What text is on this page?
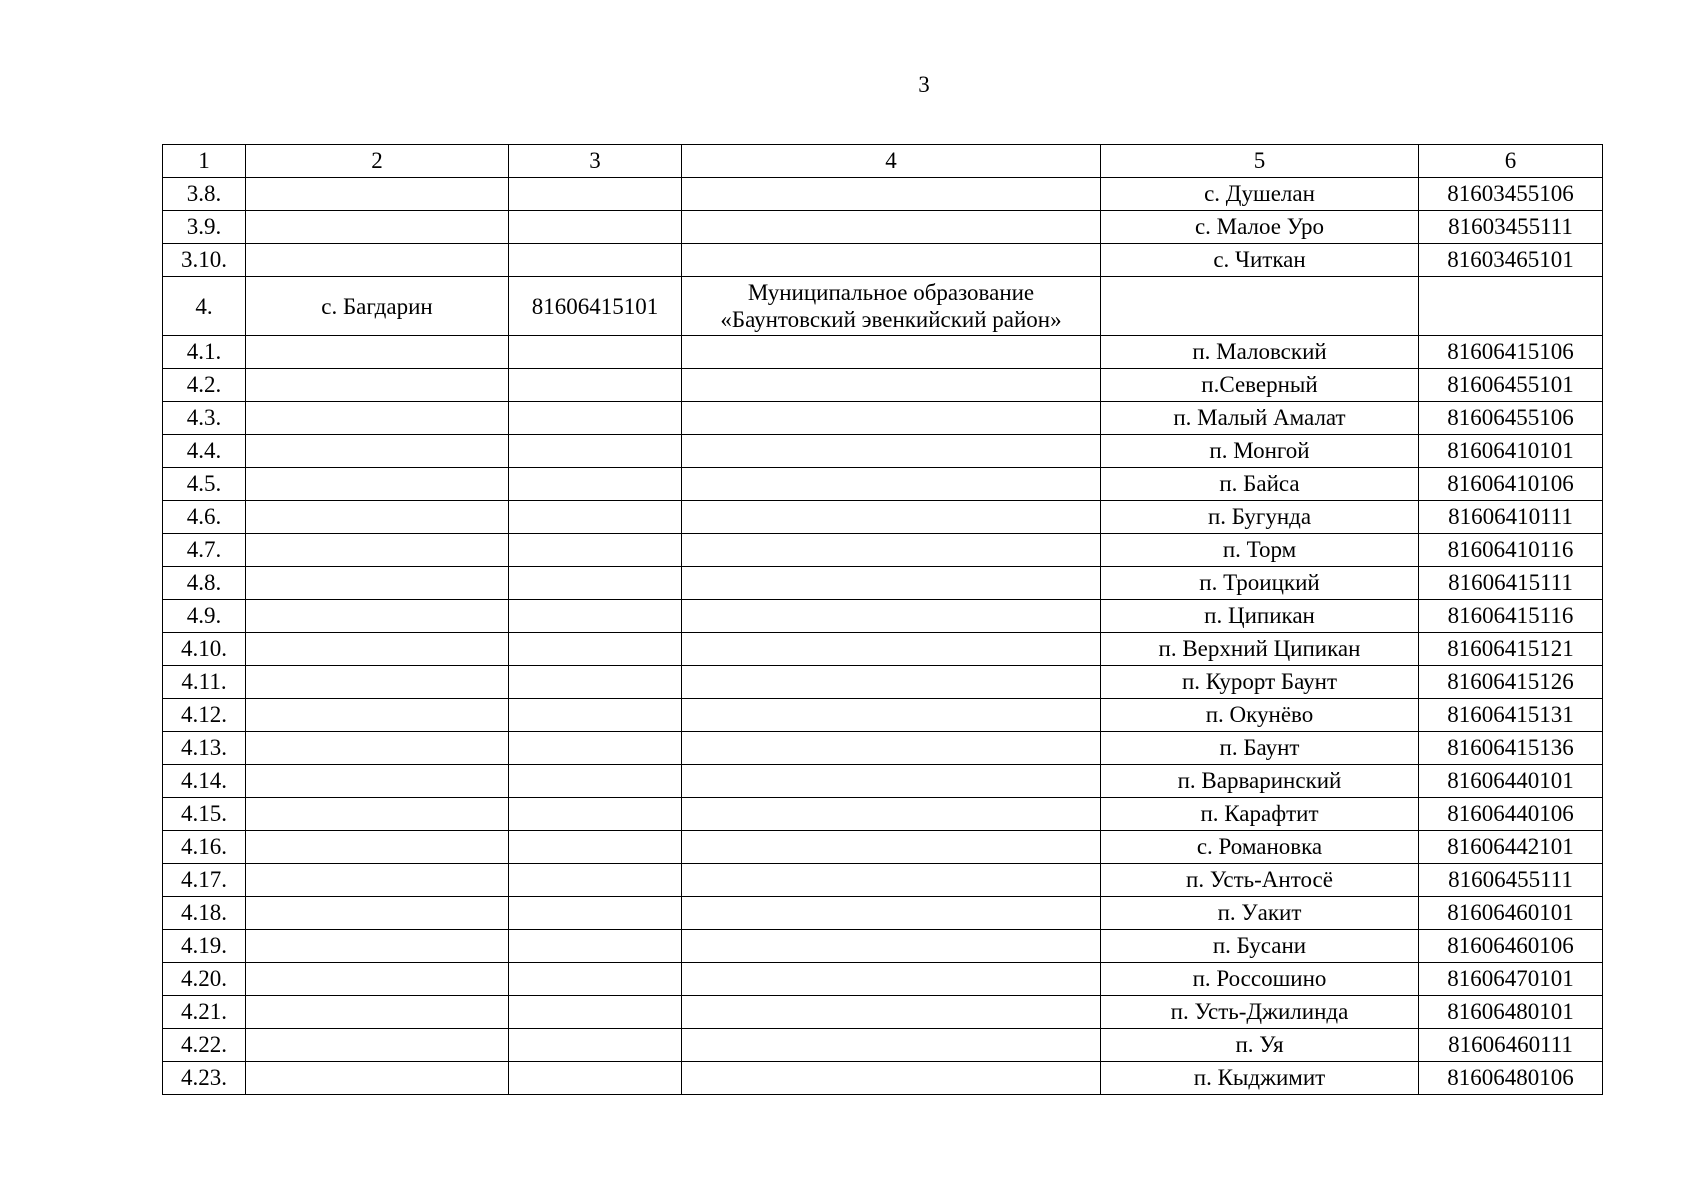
3
1	2	3	4	5	6
3.8.				с. Душелан	81603455106
3.9.				с. Малое Уро	81603455111
3.10.				с. Читкан	81603465101
4.	с. Багдарин	81606415101	Муниципальное образование
«Баунтовский эвенкийский район»		
4.1.				п. Маловский	81606415106
4.2.				п.Северный	81606455101
4.3.				п. Малый Амалат	81606455106
4.4.				п. Монгой	81606410101
4.5.				п. Байса	81606410106
4.6.				п. Бугунда	81606410111
4.7.				п. Торм	81606410116
4.8.				п. Троицкий	81606415111
4.9.				п. Ципикан	81606415116
4.10.				п. Верхний Ципикан	81606415121
4.11.				п. Курорт Баунт	81606415126
4.12.				п. Окунёво	81606415131
4.13.				п. Баунт	81606415136
4.14.				п. Варваринский	81606440101
4.15.				п. Карафтит	81606440106
4.16.				с. Романовка	81606442101
4.17.				п. Усть-Антосё	81606455111
4.18.				п. Уакит	81606460101
4.19.				п. Бусани	81606460106
4.20.				п. Россошино	81606470101
4.21.				п. Усть-Джилинда	81606480101
4.22.				п. Уя	81606460111
4.23.				п. Кыджимит	81606480106
